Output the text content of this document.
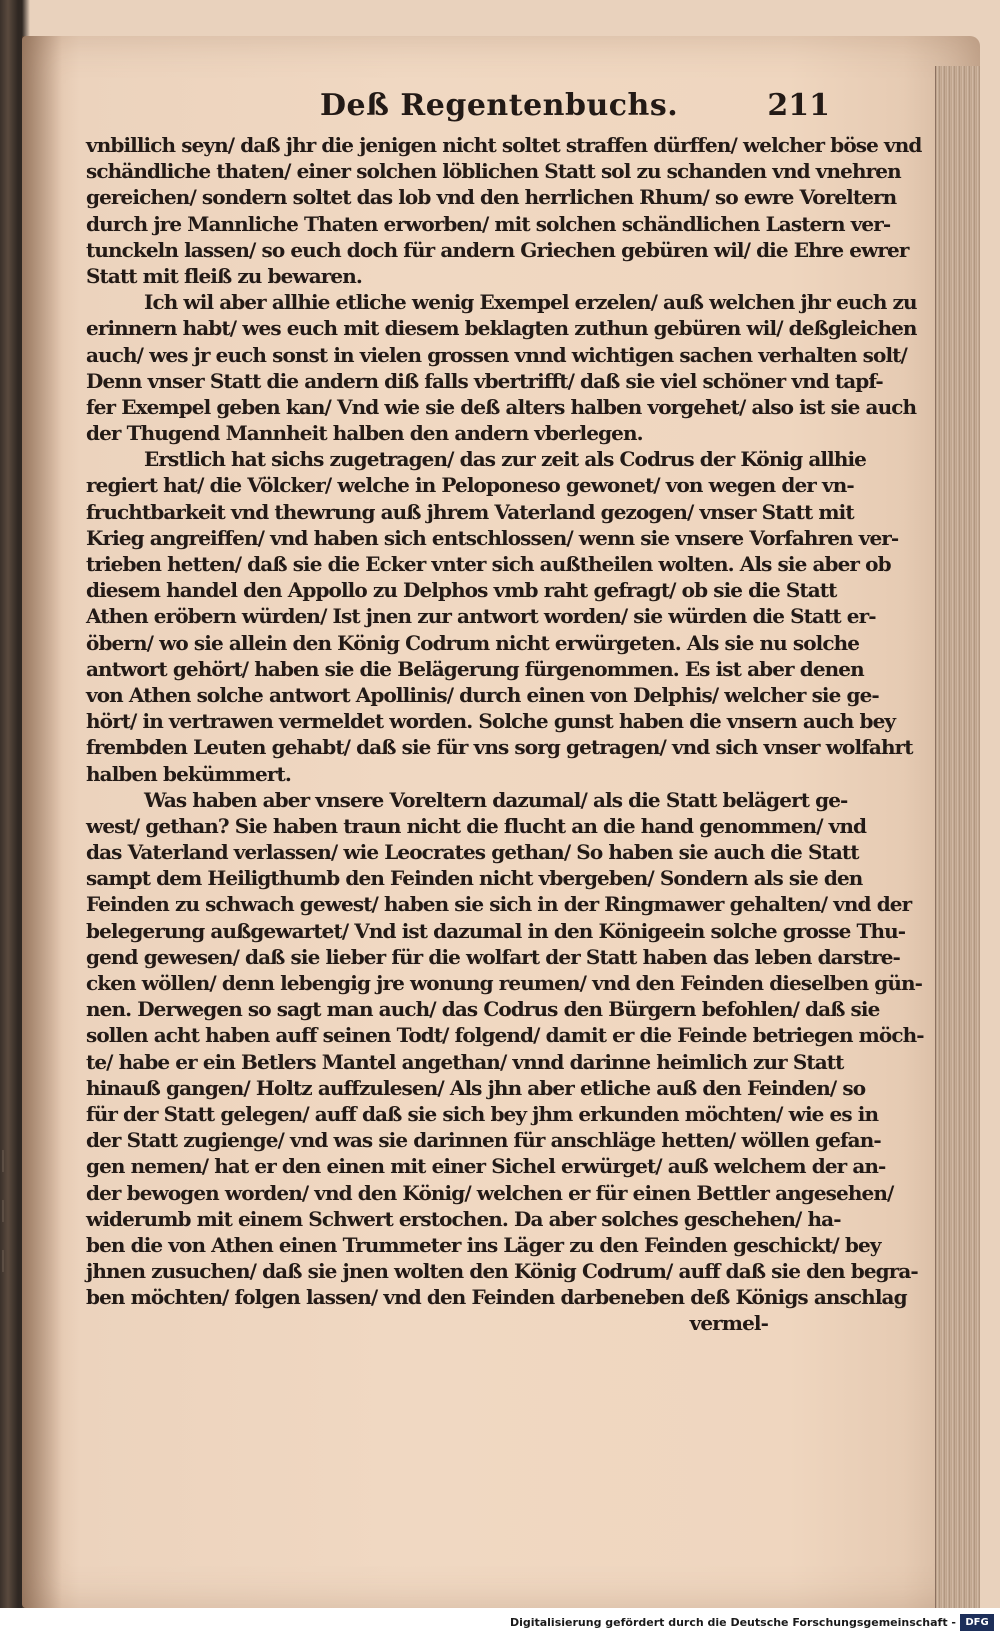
Deß Regentenbuchs.	211
vnbillich seyn/ daß jhr die jenigen nicht soltet straffen dürffen/ welcher böse vnd
schändliche thaten/ einer solchen löblichen Statt sol zu schanden vnd vnehren
gereichen/ sondern soltet das lob vnd den herrlichen Rhum/ so ewre Voreltern
durch jre Mannliche Thaten erworben/ mit solchen schändlichen Lastern ver-
tunckeln lassen/ so euch doch für andern Griechen gebüren wil/ die Ehre ewrer
Statt mit fleiß zu bewaren.
Ich wil aber allhie etliche wenig Exempel erzelen/ auß welchen jhr euch zu
erinnern habt/ wes euch mit diesem beklagten zuthun gebüren wil/ deßgleichen
auch/ wes jr euch sonst in vielen grossen vnnd wichtigen sachen verhalten solt/
Denn vnser Statt die andern diß falls vbertrifft/ daß sie viel schöner vnd tapf-
fer Exempel geben kan/ Vnd wie sie deß alters halben vorgehet/ also ist sie auch
der Thugend Mannheit halben den andern vberlegen.
Erstlich hat sichs zugetragen/ das zur zeit als Codrus der König allhie
regiert hat/ die Völcker/ welche in Peloponeso gewonet/ von wegen der vn-
fruchtbarkeit vnd thewrung auß jhrem Vaterland gezogen/ vnser Statt mit
Krieg angreiffen/ vnd haben sich entschlossen/ wenn sie vnsere Vorfahren ver-
trieben hetten/ daß sie die Ecker vnter sich außtheilen wolten. Als sie aber ob
diesem handel den Appollo zu Delphos vmb raht gefragt/ ob sie die Statt
Athen eröbern würden/ Ist jnen zur antwort worden/ sie würden die Statt er-
öbern/ wo sie allein den König Codrum nicht erwürgeten. Als sie nu solche
antwort gehört/ haben sie die Belägerung fürgenommen. Es ist aber denen
von Athen solche antwort Apollinis/ durch einen von Delphis/ welcher sie ge-
hört/ in vertrawen vermeldet worden. Solche gunst haben die vnsern auch bey
frembden Leuten gehabt/ daß sie für vns sorg getragen/ vnd sich vnser wolfahrt
halben bekümmert.
Was haben aber vnsere Voreltern dazumal/ als die Statt belägert ge-
west/ gethan? Sie haben traun nicht die flucht an die hand genommen/ vnd
das Vaterland verlassen/ wie Leocrates gethan/ So haben sie auch die Statt
sampt dem Heiligthumb den Feinden nicht vbergeben/ Sondern als sie den
Feinden zu schwach gewest/ haben sie sich in der Ringmawer gehalten/ vnd der
belegerung außgewartet/ Vnd ist dazumal in den Königeein solche grosse Thu-
gend gewesen/ daß sie lieber für die wolfart der Statt haben das leben darstre-
cken wöllen/ denn lebengig jre wonung reumen/ vnd den Feinden dieselben gün-
nen. Derwegen so sagt man auch/ das Codrus den Bürgern befohlen/ daß sie
sollen acht haben auff seinen Todt/ folgend/ damit er die Feinde betriegen möch-
te/ habe er ein Betlers Mantel angethan/ vnnd darinne heimlich zur Statt
hinauß gangen/ Holtz auffzulesen/ Als jhn aber etliche auß den Feinden/ so
für der Statt gelegen/ auff daß sie sich bey jhm erkunden möchten/ wie es in
der Statt zugienge/ vnd was sie darinnen für anschläge hetten/ wöllen gefan-
gen nemen/ hat er den einen mit einer Sichel erwürget/ auß welchem der an-
der bewogen worden/ vnd den König/ welchen er für einen Bettler angesehen/
widerumb mit einem Schwert erstochen. Da aber solches geschehen/ ha-
ben die von Athen einen Trummeter ins Läger zu den Feinden geschickt/ bey
jhnen zusuchen/ daß sie jnen wolten den König Codrum/ auff daß sie den begra-
ben möchten/ folgen lassen/ vnd den Feinden darbeneben deß Königs anschlag
vermel-
Digitalisierung gefördert durch die Deutsche Forschungsgemeinschaft - DFG
